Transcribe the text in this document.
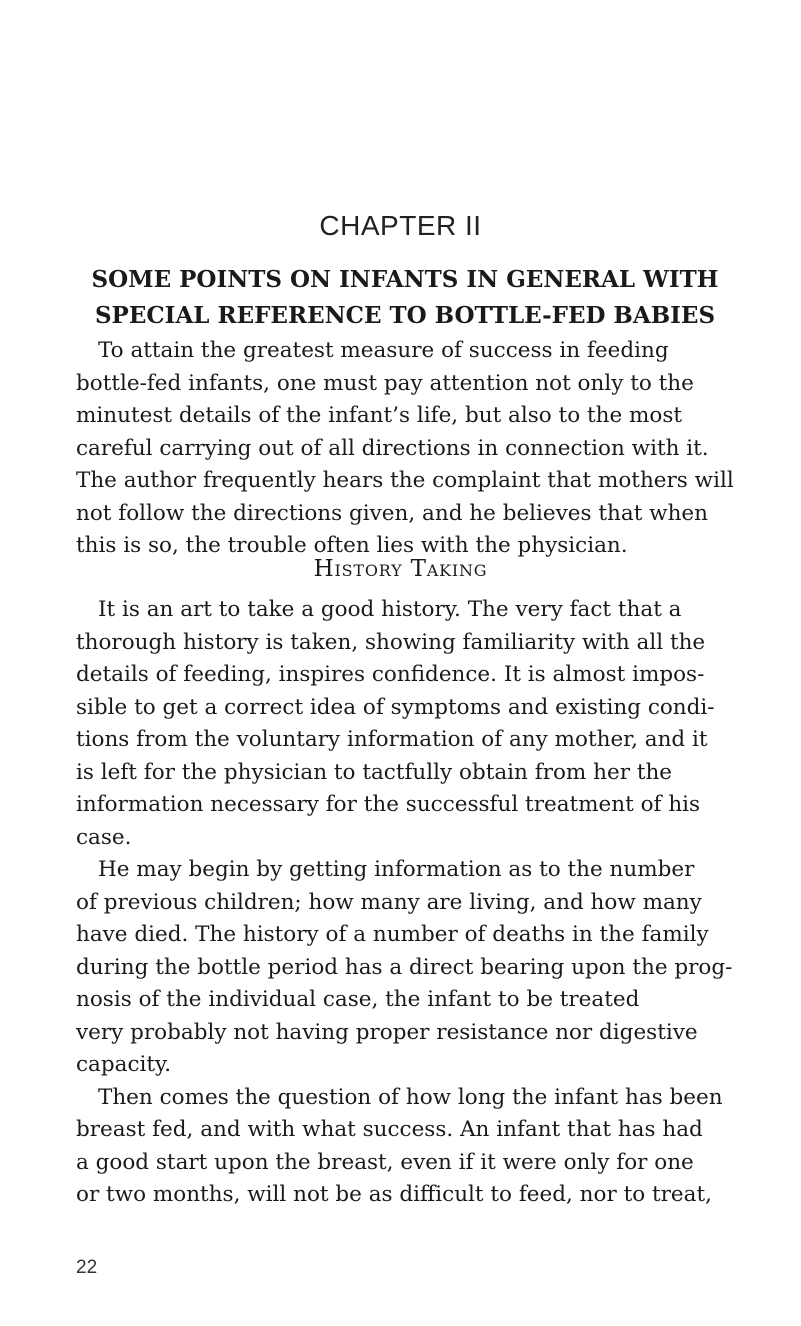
CHAPTER II
SOME POINTS ON INFANTS IN GENERAL WITH
SPECIAL REFERENCE TO BOTTLE-FED BABIES

To attain the greatest measure of success in feeding
bottle-fed infants, one must pay attention not only to the
minutest details of the infant’s life, but also to the most
careful carrying out of all directions in connection with it.
The author frequently hears the complaint that mothers will
not follow the directions given, and he believes that when
this is so, the trouble often lies with the physician.

History Taking

It is an art to take a good history. The very fact that a
thorough history is taken, showing familiarity with all the
details of feeding, inspires confidence. It is almost impos-
sible to get a correct idea of symptoms and existing condi-
tions from the voluntary information of any mother, and it
is left for the physician to tactfully obtain from her the
information necessary for the successful treatment of his
case.

He may begin by getting information as to the number
of previous children; how many are living, and how many
have died. The history of a number of deaths in the family
during the bottle period has a direct bearing upon the prog-
nosis of the individual case, the infant to be treated
very probably not having proper resistance nor digestive
capacity.

Then comes the question of how long the infant has been
breast fed, and with what success. An infant that has had
a good start upon the breast, even if it were only for one
or two months, will not be as difficult to feed, nor to treat,

22
